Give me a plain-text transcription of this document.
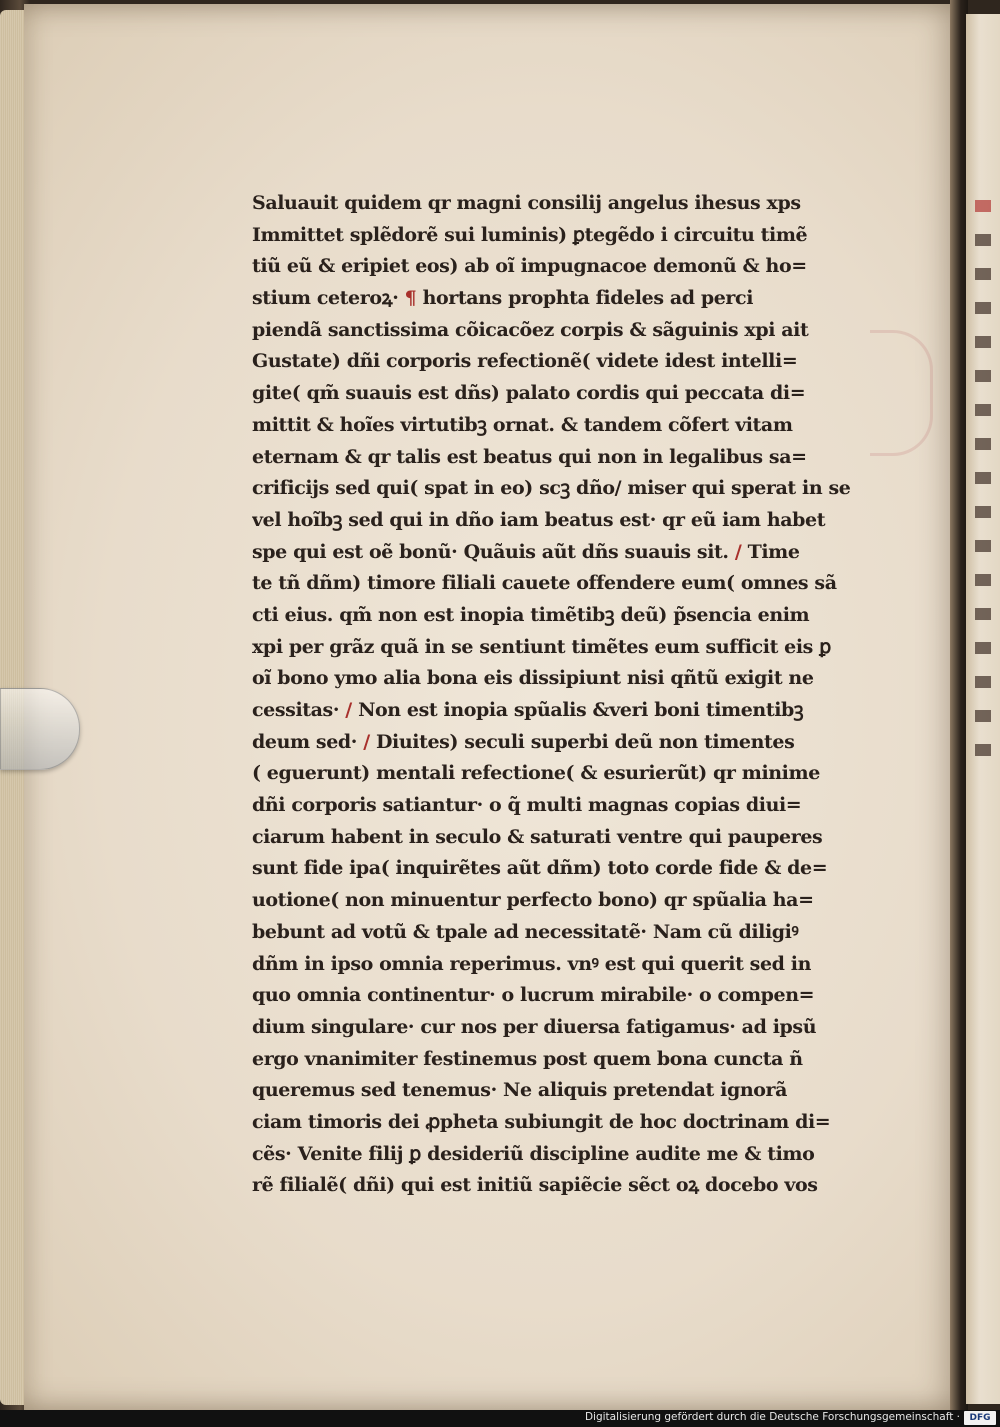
Saluauit quidem qr magni consilij angelus ihesus xps
Immittet splẽdorẽ sui luminis) ꝑtegẽdo i circuitu timẽ
tiũ eũ & eripiet eos) ab oĩ impugnacoe demonũ & ho=
stium ceteroꝝ· ¶ hortans prophta fideles ad perci
piendã sanctissima cõicacõez corpis & sãguinis xpi ait
Gustate) dñi corporis refectionẽ( videte idest intelli=
gite( qm̃ suauis est dñs) palato cordis qui peccata di=
mittit & hoĩes virtutibꝫ ornat. & tandem cõfert vitam
eternam & qr talis est beatus qui non in legalibus sa=
crificijs sed qui( spat in eo) scꝫ dño/ miser qui sperat in se
vel hoĩbꝫ sed qui in dño iam beatus est· qr eũ iam habet
spe qui est oẽ bonũ· Quãuis aũt dñs suauis sit. / Time
te tñ dñm) timore filiali cauete offendere eum( omnes sã
cti eius. qm̃ non est inopia timẽtibꝫ deũ) p̃sencia enim
xpi per grãz quã in se sentiunt timẽtes eum sufficit eis ꝑ
oĩ bono ymo alia bona eis dissipiunt nisi qñtũ exigit ne
cessitas· / Non est inopia spũalis &veri boni timentibꝫ
deum sed· / Diuites) seculi superbi deũ non timentes
( eguerunt) mentali refectione( & esurierũt) qr minime
dñi corporis satiantur· o q̃ multi magnas copias diui=
ciarum habent in seculo & saturati ventre qui pauperes
sunt fide ipa( inquirẽtes aũt dñm) toto corde fide & de=
uotione( non minuentur perfecto bono) qr spũalia ha=
bebunt ad votũ & tpale ad necessitatẽ· Nam cũ diligiꝰ
dñm in ipso omnia reperimus. vnꝰ est qui querit sed in
quo omnia continentur· o lucrum mirabile· o compen=
dium singulare· cur nos per diuersa fatigamus· ad ipsũ
ergo vnanimiter festinemus post quem bona cuncta ñ
queremus sed tenemus· Ne aliquis pretendat ignorã
ciam timoris dei ꝓpheta subiungit de hoc doctrinam di=
cẽs· Venite filij ꝑ desideriũ discipline audite me & timo
rẽ filialẽ( dñi) qui est initiũ sapiẽcie sẽct oꝝ docebo vos
Digitalisierung gefördert durch die Deutsche Forschungsgemeinschaft ·	DFG
